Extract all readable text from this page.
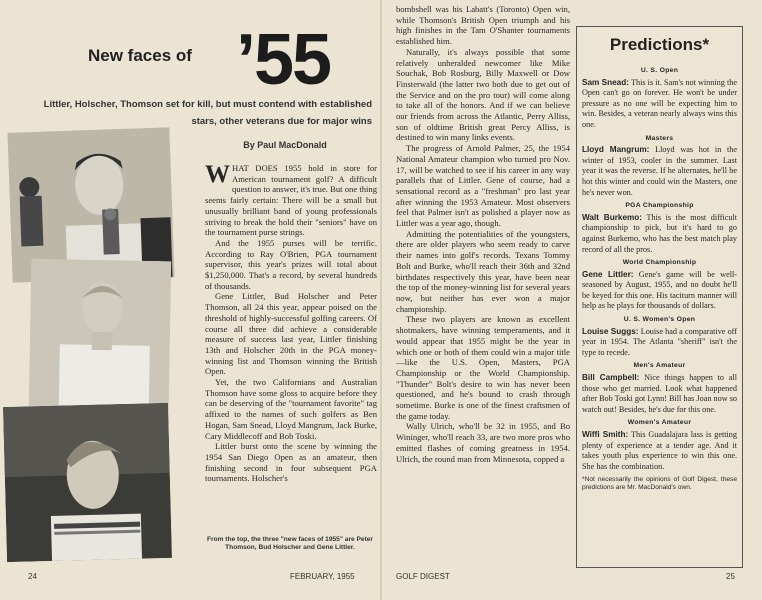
New faces of ’55
Littler, Holscher, Thomson set for kill, but must contend with established stars, other veterans due for major wins
By Paul MacDonald
From the top, the three "new faces of 1955" are Peter Thomson, Bud Holscher and Gene Littler.

WHAT DOES 1955 hold in store for American tournament golf? A difficult question to answer, it's true. But one thing seems fairly certain: There will be a small but unusually brilliant band of young professionals striving to break the hold their "seniors" have on the tournament purse strings.

And the 1955 purses will be terrific. According to Ray O'Brien, PGA tournament supervisor, this year's prizes will total about $1,250,000. That's a record, by several hundreds of thousands.

Gene Littler, Bud Holscher and Peter Thomson, all 24 this year, appear poised on the threshold of highly-successful golfing careers. Of course all three did achieve a considerable measure of success last year, Littler finishing 13th and Holscher 20th in the PGA money-winning list and Thomson winning the British Open.

Yet, the two Californians and Australian Thomson have some gloss to acquire before they can be deserving of the "tournament favorite" tag affixed to the names of such golfers as Ben Hogan, Sam Snead, Lloyd Mangrum, Jack Burke, Cary Middlecoff and Bob Toski.

Littler burst onto the scene by winning the 1954 San Diego Open as an amateur, then finishing second in four subsequent PGA tournaments. Holscher's

bombshell was his Labatt's (Toronto) Open win, while Thomson's British Open triumph and his high finishes in the Tam O'Shanter tournaments established him.

Naturally, it's always possible that some relatively unheralded newcomer like Mike Souchak, Bob Rosburg, Billy Maxwell or Dow Finsterwald (the latter two both due to get out of the Service and on the pro tour) will come along to take all of the honors. And if we can believe our friends from across the Atlantic, Perry Alliss, son of oldtime British great Percy Alliss, is destined to win many links events.

The progress of Arnold Palmer, 25, the 1954 National Amateur champion who turned pro Nov. 17, will be watched to see if his career in any way parallels that of Littler. Gene of course, had a sensational record as a "freshman" pro last year after winning the 1953 Amateur. Most observers feel that Palmer isn't as polished a player now as Littler was a year ago, though.

Admitting the potentialities of the youngsters, there are older players who seem ready to carve their names into golf's records. Texans Tommy Bolt and Burke, who'll reach their 36th and 32nd birthdates respectively this year, have been near the top of the money-winning list for several years now, but neither has ever won a major championship.

These two players are known as excellent shotmakers, have winning temperaments, and it would appear that 1955 might be the year in which one or both of them could win a major title—like the U.S. Open, Masters, PGA Championship or the World Championship. "Thunder" Bolt's desire to win has never been questioned, and he's bound to crash through sometime. Burke is one of the finest craftsmen of the game today.

Wally Ulrich, who'll be 32 in 1955, and Bo Wininger, who'll reach 33, are two more pros who emitted flashes of coming greatness in 1954. Ulrich, the round man from Minnesota, copped a

Predictions*
U. S. Open

Sam Snead: This is it. Sam's not winning the Open can't go on forever. He won't be under pressure as no one will be expecting him to win. Besides, a veteran nearly always wins this one.

Masters

Lloyd Mangrum: Lloyd was hot in the winter of 1953, cooler in the summer. Last year it was the reverse. If he alternates, he'll be hot this winter and could win the Masters, one he's never won.

PGA Championship

Walt Burkemo: This is the most difficult championship to pick, but it's hard to go against Burkemo, who has the best match play record of all the pros.

World Championship

Gene Littler: Gene's game will be well-seasoned by August, 1955, and no doubt he'll be keyed for this one. His taciturn manner will help as he plays for thousands of dollars.

U. S. Women's Open

Louise Suggs: Louise had a comparative off year in 1954. The Atlanta "sheriff" isn't the type to recede.

Men's Amateur

Bill Campbell: Nice things happen to all those who get married. Look what happened after Bob Toski got Lynn! Bill has Joan now so watch out! Besides, he's due for this one.

Women's Amateur

Wiffi Smith: This Guadalajara lass is getting plenty of experience at a tender age. And it takes youth plus experience to win this one. She has the combination.

*Not necessarily the opinions of Golf Digest, these predictions are Mr. MacDonald's own.
24	FEBRUARY, 1955	GOLF DIGEST	25
